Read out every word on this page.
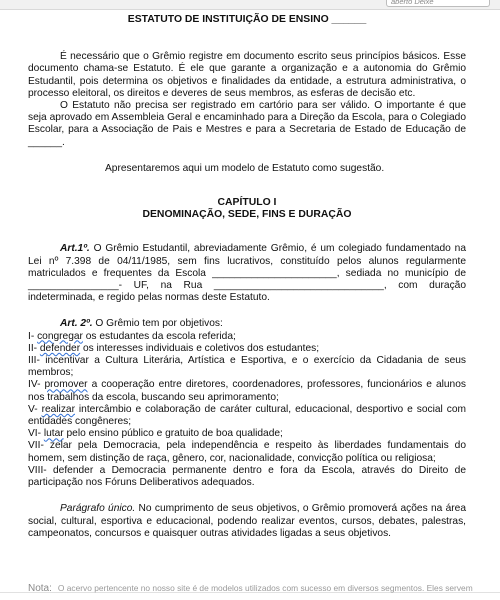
aberto Deixe
ESTATUTO DE INSTITUIÇÃO DE ENSINO ______

É necessário que o Grêmio registre em documento escrito seus princípios básicos. Esse documento chama-se Estatuto. É ele que garante a organização e a autonomia do Grêmio Estudantil, pois determina os objetivos e finalidades da entidade, a estrutura administrativa, o processo eleitoral, os direitos e deveres de seus membros, as esferas de decisão etc.

O Estatuto não precisa ser registrado em cartório para ser válido. O importante é que seja aprovado em Assembleia Geral e encaminhado para a Direção da Escola, para o Colegiado Escolar, para a Associação de Pais e Mestres e para a Secretaria de Estado de Educação de ______.

Apresentaremos aqui um modelo de Estatuto como sugestão.

CAPÍTULO I
DENOMINAÇÃO, SEDE, FINS E DURAÇÃO

Art.1º. O Grêmio Estudantil, abreviadamente Grêmio, é um colegiado fundamentado na Lei nº 7.398 de 04/11/1985, sem fins lucrativos, constituído pelos alunos regularmente matriculados e frequentes da Escola ______________________, sediada no município de ________________- UF, na Rua ______________________________, com duração indeterminada, e regido pelas normas deste Estatuto.

Art. 2º. O Grêmio tem por objetivos:

I- congregar os estudantes da escola referida;
II- defender os interesses individuais e coletivos dos estudantes;
III- incentivar a Cultura Literária, Artística e Esportiva, e o exercício da Cidadania de seus membros;
IV- promover a cooperação entre diretores, coordenadores, professores, funcionários e alunos nos trabalhos da escola, buscando seu aprimoramento;
V- realizar intercâmbio e colaboração de caráter cultural, educacional, desportivo e social com entidades congêneres;
VI- lutar pelo ensino público e gratuito de boa qualidade;
VII- zelar pela Democracia, pela independência e respeito às liberdades fundamentais do homem, sem distinção de raça, gênero, cor, nacionalidade, convicção política ou religiosa;
VIII- defender a Democracia permanente dentro e fora da Escola, através do Direito de participação nos Fóruns Deliberativos adequados.

Parágrafo único. No cumprimento de seus objetivos, o Grêmio promoverá ações na área social, cultural, esportiva e educacional, podendo realizar eventos, cursos, debates, palestras, campeonatos, concursos e quaisquer outras atividades ligadas a seus objetivos.

Nota: O acervo pertencente no nosso site é de modelos utilizados com sucesso em diversos segmentos. Eles servem
